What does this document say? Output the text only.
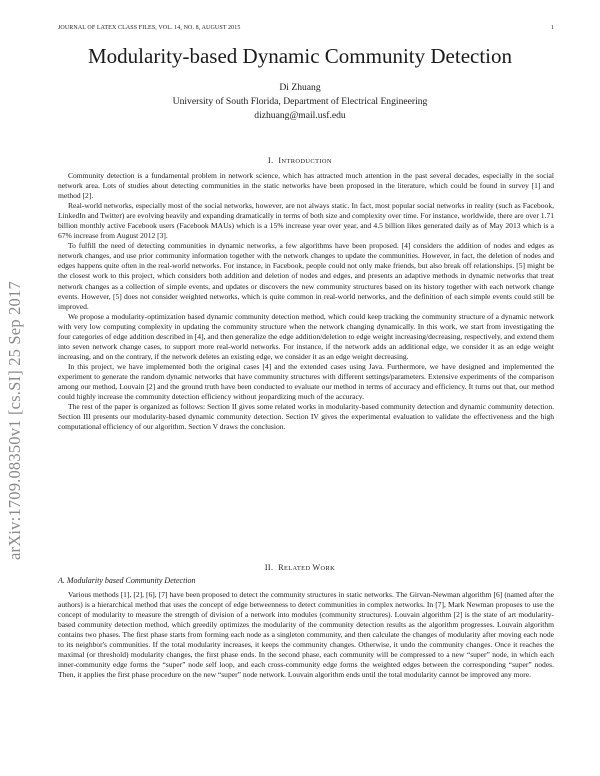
JOURNAL OF LATEX CLASS FILES, VOL. 14, NO. 8, AUGUST 2015	1
arXiv:1709.08350v1 [cs.SI] 25 Sep 2017
Modularity-based Dynamic Community Detection
Di Zhuang
University of South Florida, Department of Electrical Engineering
dizhuang@mail.usf.edu
I. INTRODUCTION

Community detection is a fundamental problem in network science, which has attracted much attention in the past several decades, especially in the social network area. Lots of studies about detecting communities in the static networks have been proposed in the literature, which could be found in survey [1] and method [2].

Real-world networks, especially most of the social networks, however, are not always static. In fact, most popular social networks in reality (such as Facebook, LinkedIn and Twitter) are evolving heavily and expanding dramatically in terms of both size and complexity over time. For instance, worldwide, there are over 1.71 billion monthly active Facebook users (Facebook MAUs) which is a 15% increase year over year, and 4.5 billion likes generated daily as of May 2013 which is a 67% increase from August 2012 [3].

To fulfill the need of detecting communities in dynamic networks, a few algorithms have been proposed. [4] considers the addition of nodes and edges as network changes, and use prior community information together with the network changes to update the communities. However, in fact, the deletion of nodes and edges happens quite often in the real-world networks. For instance, in Facebook, people could not only make friends, but also break off relationships. [5] might be the closest work to this project, which considers both addition and deletion of nodes and edges, and presents an adaptive methods in dynamic networks that treat network changes as a collection of simple events, and updates or discovers the new community structures based on its history together with each network change events. However, [5] does not consider weighted networks, which is quite common in real-world networks, and the definition of each simple events could still be improved.

We propose a modularity-optimization based dynamic community detection method, which could keep tracking the community structure of a dynamic network with very low computing complexity in updating the community structure when the network changing dynamically. In this work, we start from investigating the four categories of edge addition described in [4], and then generalize the edge addition/deletion to edge weight increasing/decreasing, respectively, and extend them into seven network change cases, to support more real-world networks. For instance, if the network adds an additional edge, we consider it as an edge weight increasing, and on the contrary, if the network deletes an existing edge, we consider it as an edge weight decreasing.

In this project, we have implemented both the original cases [4] and the extended cases using Java. Furthermore, we have designed and implemented the experiment to generate the random dynamic networks that have community structures with different settings/parameters. Extensive experiments of the comparison among our method, Louvain [2] and the ground truth have been conducted to evaluate our method in terms of accuracy and efficiency. It turns out that, our method could highly increase the community detection efficiency without jeopardizing much of the accuracy.

The rest of the paper is organized as follows: Section II gives some related works in modularity-based community detection and dynamic community detection. Section III presents our modularity-based dynamic community detection. Section IV gives the experimental evaluation to validate the effectiveness and the high computational efficiency of our algorithm. Section V draws the conclusion.

II. RELATED WORK
A. Modularity based Community Detection

Various methods [1], [2], [6], [7] have been proposed to detect the community structures in static networks. The Girvan-Newman algorithm [6] (named after the authors) is a hierarchical method that uses the concept of edge betweenness to detect communities in complex networks. In [7], Mark Newman proposes to use the concept of modularity to measure the strength of division of a network into modules (community structures). Louvain algorithm [2] is the state of art modularity-based community detection method, which greedily optimizes the modularity of the community detection results as the algorithm progresses. Louvain algorithm contains two phases. The first phase starts from forming each node as a singleton community, and then calculate the changes of modularity after moving each node to its neighbor's communities. If the total modularity increases, it keeps the community changes. Otherwise, it undo the community changes. Once it reaches the maximal (or threshold) modularity changes, the first phase ends. In the second phase, each community will be compressed to a new “super” node, in which each inner-community edge forms the “super” node self loop, and each cross-community edge forms the weighted edges between the corresponding “super” nodes. Then, it applies the first phase procedure on the new “super” node network. Louvain algorithm ends until the total modularity cannot be improved any more.
